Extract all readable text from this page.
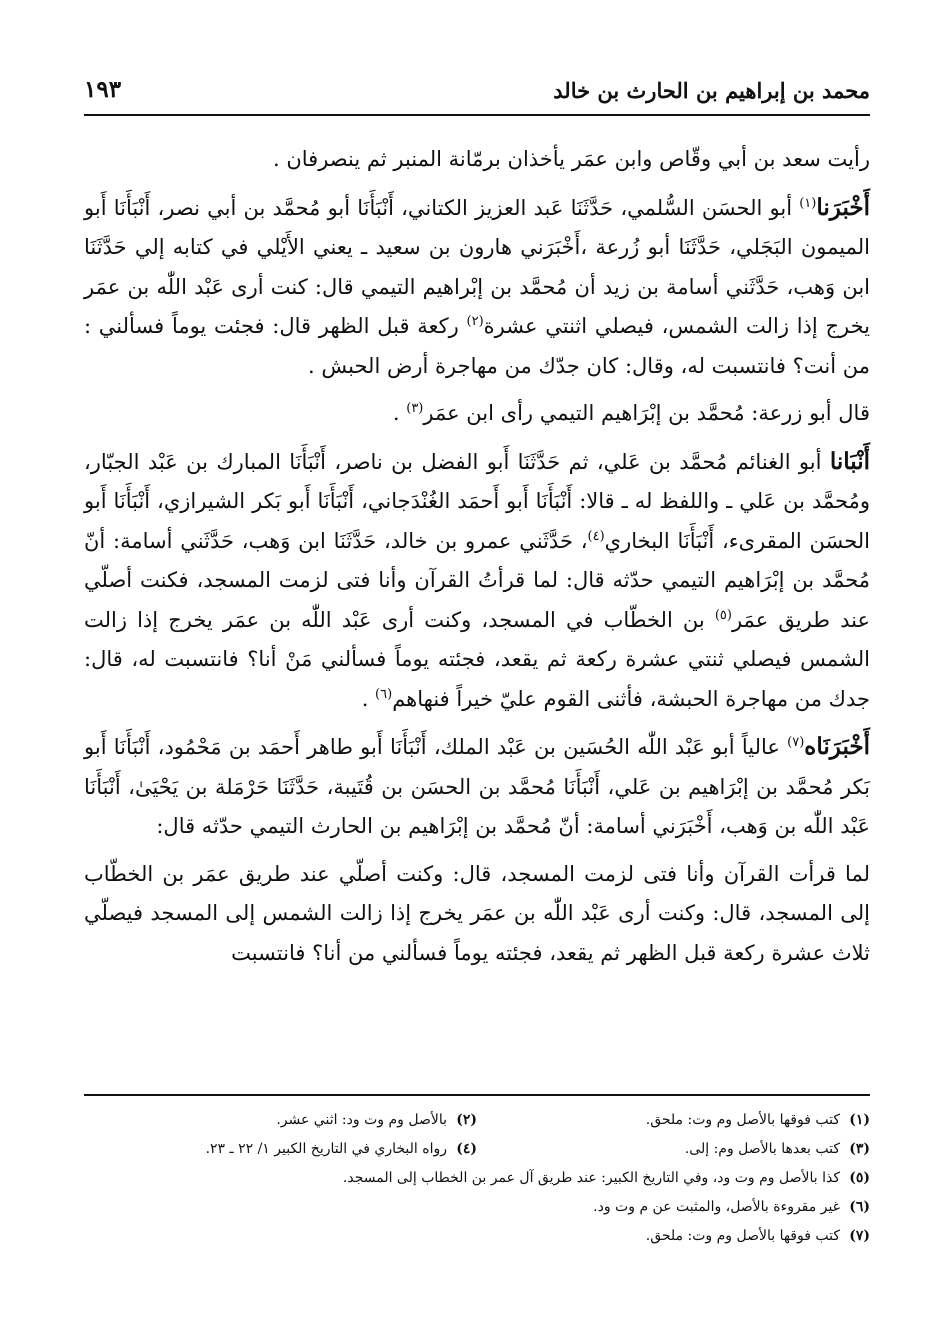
محمد بن إبراهيم بن الحارث بن خالد
١٩٣

رأيت سعد بن أبي وقّاص وابن عمَر يأخذان برمّانة المنبر ثم ينصرفان .

أَخْبَرَنا$^{(١)}$ أبو الحسَن السُّلمي، حَدَّثَنَا عَبد العزيز الكتاني، أَنْبَأَنَا أبو مُحمَّد بن أبي نصر، أَنْبَأَنَا أَبو الميمون البَجَلي، حَدَّثَنَا أبو زُرعة ،أَخْبَرَني هارون بن سعيد ـ يعني الأَيْلي في كتابه إلي حَدَّثَنَا ابن وَهب، حَدَّثَني أسامة بن زيد أن مُحمَّد بن إبْراهيم التيمي قال: كنت أرى عَبْد اللّٰه بن عمَر يخرج إذا زالت الشمس، فيصلي اثنتي عشرة$^{(٢)}$ ركعة قبل الظهر قال: فجئت يوماً فسألني : من أنت؟ فانتسبت له، وقال: كان جدّك من مهاجرة أرض الحبش .

قال أبو زرعة: مُحمَّد بن إبْرَاهيم التيمي رأى ابن عمَر$^{(٣)}$ .

أَنْبَانا أبو الغنائم مُحمَّد بن عَلي، ثم حَدَّثَنَا أَبو الفضل بن ناصر، أَنْبَأَنَا المبارك بن عَبْد الجبّار، ومُحمَّد بن عَلي ـ واللفظ له ـ قالا: أَنْبَأَنَا أَبو أَحمَد الغُنْدَجاني، أَنْبَأَنَا أَبو بَكر الشيرازي، أَنْبَأَنَا أَبو الحسَن المقرىء، أَنْبَأَنَا البخاري$^{(٤)}$، حَدَّثَني عمرو بن خالد، حَدَّثَنَا ابن وَهب، حَدَّثَني أسامة: أنّ مُحمَّد بن إبْرَاهيم التيمي حدّثه قال: لما قرأتُ القرآن وأنا فتى لزمت المسجد، فكنت أصلّي عند طريق عمَر$^{(٥)}$ بن الخطّاب في المسجد، وكنت أرى عَبْد اللّٰه بن عمَر يخرج إذا زالت الشمس فيصلي ثنتي عشرة ركعة ثم يقعد، فجئته يوماً فسألني مَنْ أنا؟ فانتسبت له، قال: جدك من مهاجرة الحبشة، فأثنى القوم عليّ خيراً فنهاهم$^{(٦)}$ .

أَخْبَرَنَاه$^{(٧)}$ عالياً أبو عَبْد اللّٰه الحُسَين بن عَبْد الملك، أَنْبَأَنَا أَبو طاهر أَحمَد بن مَحْمُود، أَنْبَأَنَا أَبو بَكر مُحمَّد بن إبْرَاهيم بن عَلي، أَنْبَأَنَا مُحمَّد بن الحسَن بن قُتَيبة، حَدَّثَنَا حَرْمَلة بن يَحْيَىٰ، أَنْبَأَنَا عَبْد اللّٰه بن وَهب، أَخْبَرَني أسامة: أنّ مُحمَّد بن إبْرَاهيم بن الحارث التيمي حدّثه قال:

لما قرأت القرآن وأنا فتى لزمت المسجد، قال: وكنت أصلّي عند طريق عمَر بن الخطّاب إلى المسجد، قال: وكنت أرى عَبْد اللّٰه بن عمَر يخرج إذا زالت الشمس إلى المسجد فيصلّي ثلاث عشرة ركعة قبل الظهر ثم يقعد، فجئته يوماً فسألني من أنا؟ فانتسبت

(١)
كتب فوقها بالأصل وم وت: ملحق.
(٢)
بالأصل وم وت ود: اثني عشر.
(٣)
كتب بعدها بالأصل وم: إلى.
(٤)
رواه البخاري في التاريخ الكبير ١/ ٢٢ ـ ٢٣.
(٥)
كذا بالأصل وم وت ود، وفي التاريخ الكبير: عند طريق آل عمر بن الخطاب إلى المسجد.
(٦)
غير مقروءة بالأصل، والمثبت عن م وت ود.
(٧)
كتب فوقها بالأصل وم وت: ملحق.
